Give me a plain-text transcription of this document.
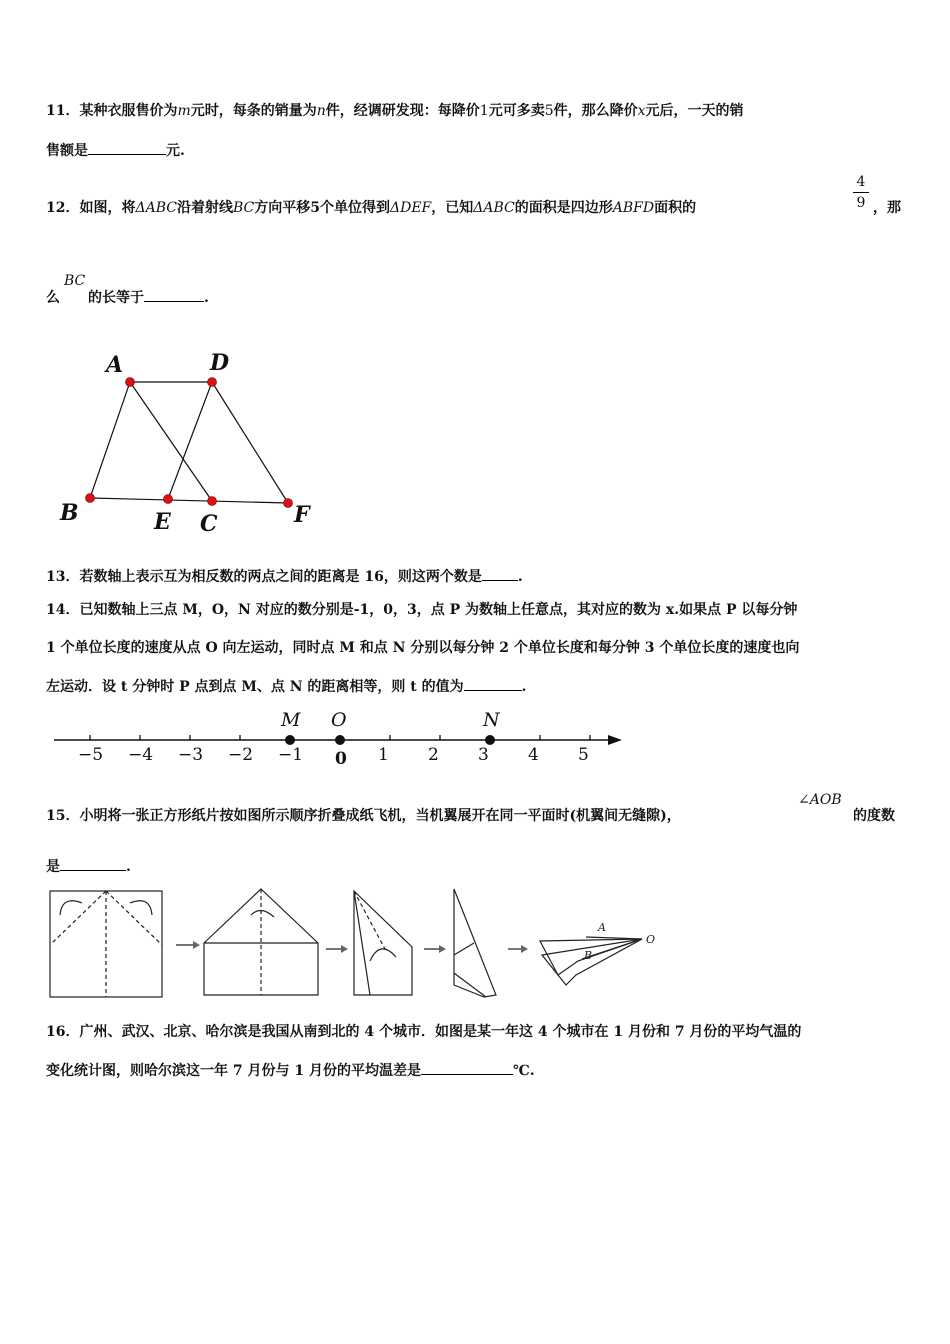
11．某种衣服售价为m元时，每条的销量为n件，经调研发现：每降价1元可多卖5件，那么降价x元后，一天的销
售额是	元.
12．如图，将ΔABC沿着射线BC方向平移5个单位得到ΔDEF，已知ΔABC的面积是四边形ABFD面积的
4
9 ，那
BC
么 的长等于	.
A	D
B	E C	F
13．若数轴上表示互为相反数的两点之间的距离是 16，则这两个数是	.
14．已知数轴上三点 M，O，N 对应的数分别是-1，0，3，点 P 为数轴上任意点，其对应的数为 x.如果点 P 以每分钟
1 个单位长度的速度从点 O 向左运动，同时点 M 和点 N 分别以每分钟 2 个单位长度和每分钟 3 个单位长度的速度也向
左运动．设 t 分钟时 P 点到点 M、点 N 的距离相等，则 t 的值为	.
−5 −4 −3 −2 −1 0 1 2 3 4 5
M O	N
∠AOB
15．小明将一张正方形纸片按如图所示顺序折叠成纸飞机，当机翼展开在同一平面时(机翼间无缝隙)，	的度数
是	.
A
B
O
16．广州、武汉、北京、哈尔滨是我国从南到北的 4 个城市．如图是某一年这 4 个城市在 1 月份和 7 月份的平均气温的
变化统计图，则哈尔滨这一年 7 月份与 1 月份的平均温差是	℃.
